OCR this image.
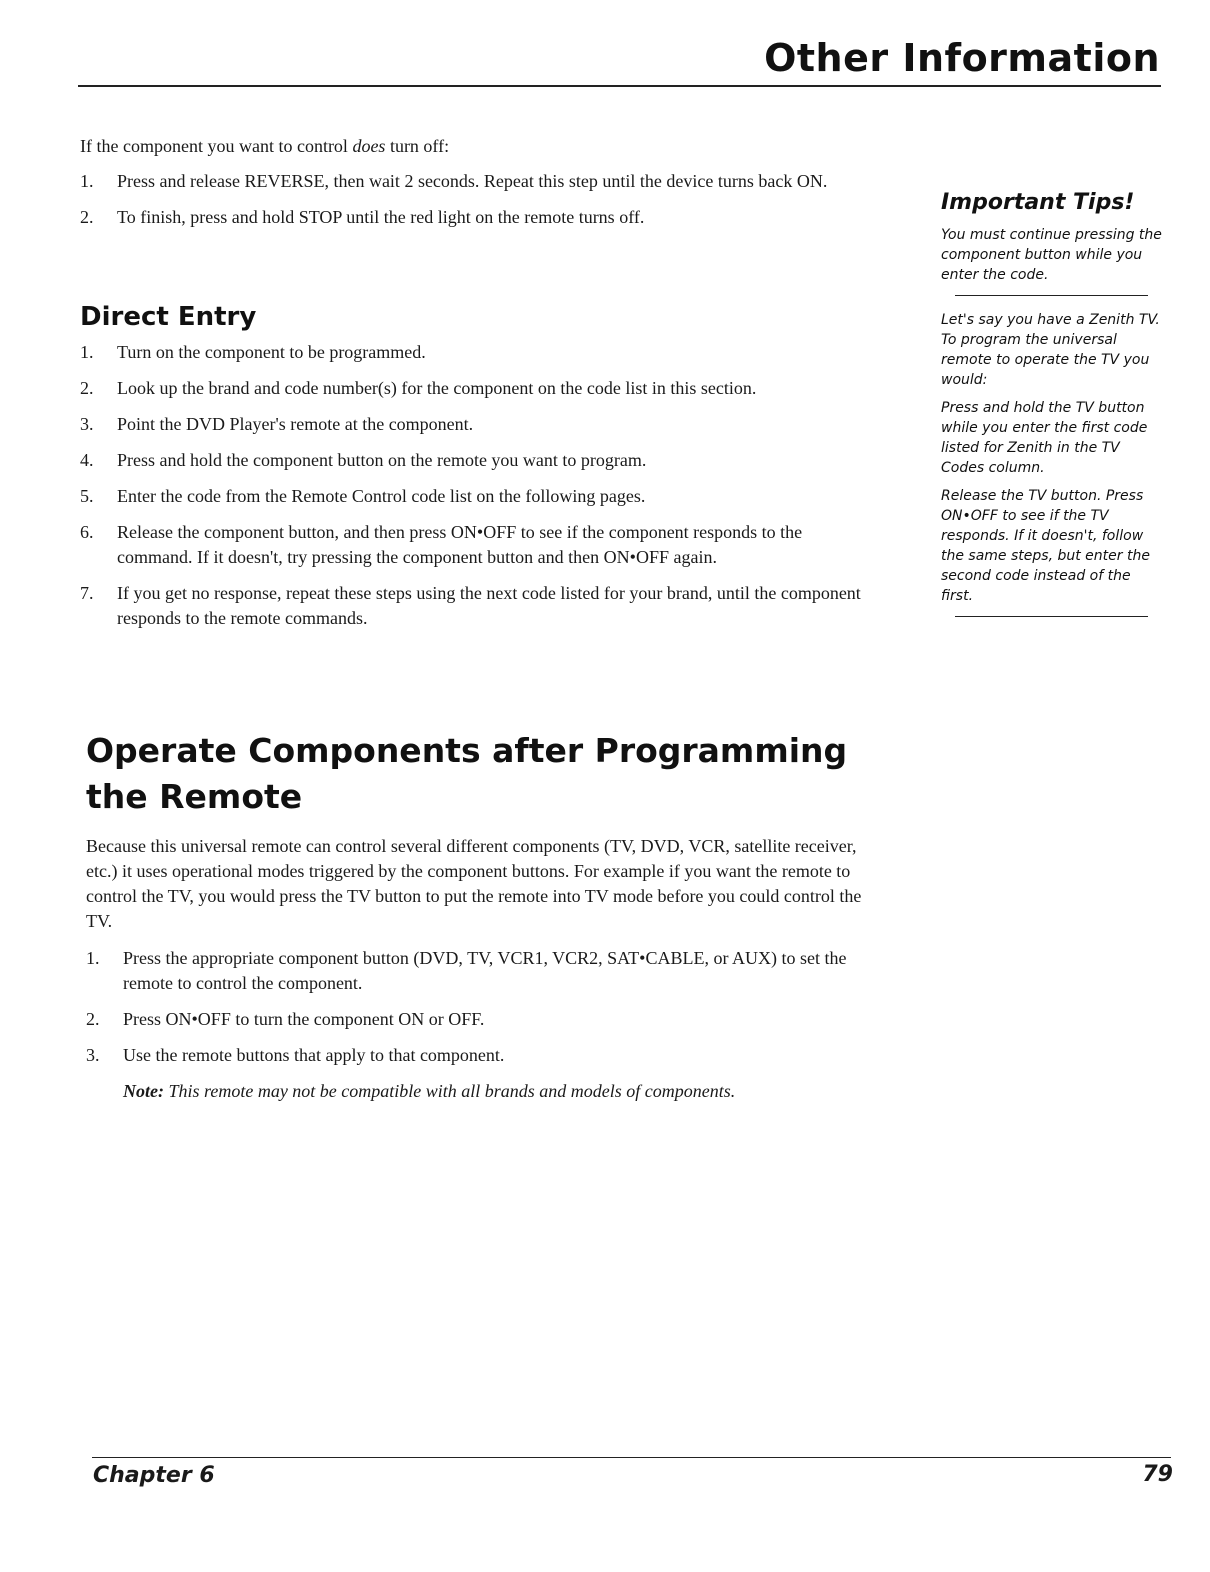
Other Information

If the component you want to control does turn off:

1. Press and release REVERSE, then wait 2 seconds. Repeat this step until the device turns back ON.
2. To finish, press and hold STOP until the red light on the remote turns off.
Direct Entry
1. Turn on the component to be programmed.
2. Look up the brand and code number(s) for the component on the code list in this section.
3. Point the DVD Player's remote at the component.
4. Press and hold the component button on the remote you want to program.
5. Enter the code from the Remote Control code list on the following pages.
6. Release the component button, and then press ON•OFF to see if the component responds to the command. If it doesn't, try pressing the component button and then ON•OFF again.
7. If you get no response, repeat these steps using the next code listed for your brand, until the component responds to the remote commands.
Operate Components after Programming the Remote

Because this universal remote can control several different components (TV, DVD, VCR, satellite receiver, etc.) it uses operational modes triggered by the component buttons. For example if you want the remote to control the TV, you would press the TV button to put the remote into TV mode before you could control the TV.

1. Press the appropriate component button (DVD, TV, VCR1, VCR2, SAT•CABLE, or AUX) to set the remote to control the component.
2. Press ON•OFF to turn the component ON or OFF.
3. Use the remote buttons that apply to that component.
Note: This remote may not be compatible with all brands and models of components.
Important Tips!

You must continue pressing the component button while you enter the code.

Let's say you have a Zenith TV. To program the universal remote to operate the TV you would:

Press and hold the TV button while you enter the first code listed for Zenith in the TV Codes column.

Release the TV button. Press ON•OFF to see if the TV responds. If it doesn't, follow the same steps, but enter the second code instead of the first.

Chapter 6	79
